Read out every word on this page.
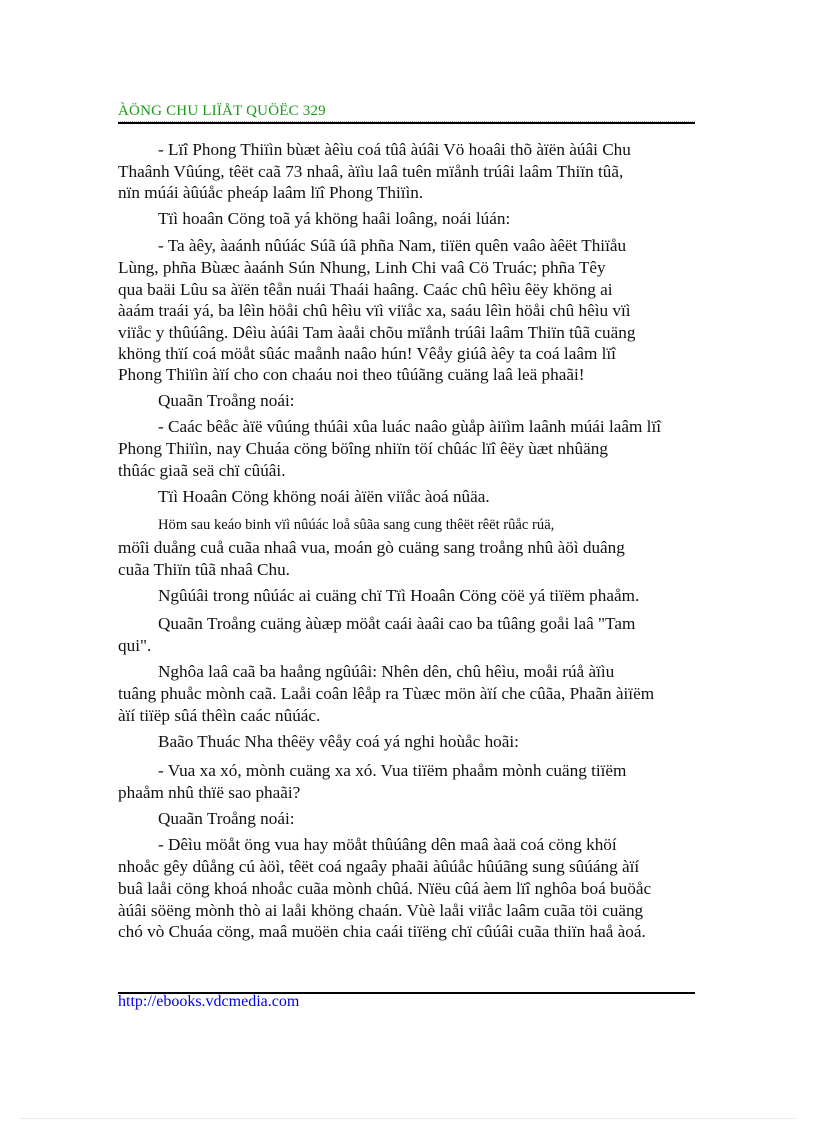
ÀÖNG CHU LIÏÅT QUÖËC 329
- Lïî Phong Thiïìn bùæt àêìu coá tûâ àúâi Vö hoaâi thõ àïën àúâi Chu
Thaânh Vûúng, têët caã 73 nhaâ, àïìu laâ tuên mïånh trúâi laâm Thiïn tûã,
nïn múái àûúåc pheáp laâm lïî Phong Thiïìn.
Tïì hoaân Cöng toã yá khöng haâi loâng, noái lúán:
- Ta àêy, àaánh nûúác Súã úã phña Nam, tiïën quên vaâo àêët Thiïåu
Lùng, phña Bùæc àaánh Sún Nhung, Linh Chi vaâ Cö Truác; phña Têy
qua baäi Lûu sa àïën têån nuái Thaái haâng. Caác chû hêìu êëy khöng ai
àaám traái yá, ba lêìn höåi chû hêìu vïì viïåc xa, saáu lêìn höåi chû hêìu vïì
viïåc y thûúâng. Dêìu àúâi Tam àaåi chõu mïånh trúâi laâm Thiïn tûã cuäng
khöng thïí coá möåt sûác maånh naâo hún! Vêåy giúâ àêy ta coá laâm lïî
Phong Thiïìn àïí cho con chaáu noi theo tûúãng cuäng laâ leä phaãi!
Quaãn Troång noái:
- Caác bêåc àïë vûúng thúâi xûa luác naâo gùåp àiïìm laânh múái laâm lïî
Phong Thiïìn, nay Chuáa cöng böîng nhiïn töí chûác lïî êëy ùæt nhûäng
thûác giaã seä chï cûúâi.
Tïì Hoaân Cöng khöng noái àïën viïåc àoá nûäa.
Höm sau keáo binh vïì nûúác loå sûãa sang cung thêët rêët rûåc rúä,
möîi duång cuå cuãa nhaâ vua, moán gò cuäng sang troång nhû àöì duâng
cuãa Thiïn tûã nhaâ Chu.
Ngûúâi trong nûúác ai cuäng chï Tïì Hoaân Cöng cöë yá tiïëm phaåm.
Quaãn Troång cuäng àùæp möåt caái àaâi cao ba tûâng goåi laâ "Tam
qui".
Nghôa laâ caã ba haång ngûúâi: Nhên dên, chû hêìu, moåi rúå àïìu
tuâng phuåc mònh caã. Laåi coân lêåp ra Tùæc mön àïí che cûãa, Phaãn àiïëm
àïí tiïëp sûá thêìn caác nûúác.
Baão Thuác Nha thêëy vêåy coá yá nghi hoùåc hoãi:
- Vua xa xó, mònh cuäng xa xó. Vua tiïëm phaåm mònh cuäng tiïëm
phaåm nhû thïë sao phaãi?
Quaãn Troång noái:
- Dêìu möåt öng vua hay möåt thûúâng dên maâ àaä coá cöng khöí
nhoåc gêy dûång cú àöì, têët coá ngaây phaãi àûúåc hûúãng sung sûúáng àïí
buâ laåi cöng khoá nhoåc cuãa mònh chûá. Nïëu cûá àem lïî nghôa boá buöåc
àúâi söëng mònh thò ai laåi khöng chaán. Vùè laåi viïåc laâm cuãa töi cuäng
chó vò Chuáa cöng, maâ muöën chia caái tiïëng chï cûúâi cuãa thiïn haå àoá.
http://ebooks.vdcmedia.com
